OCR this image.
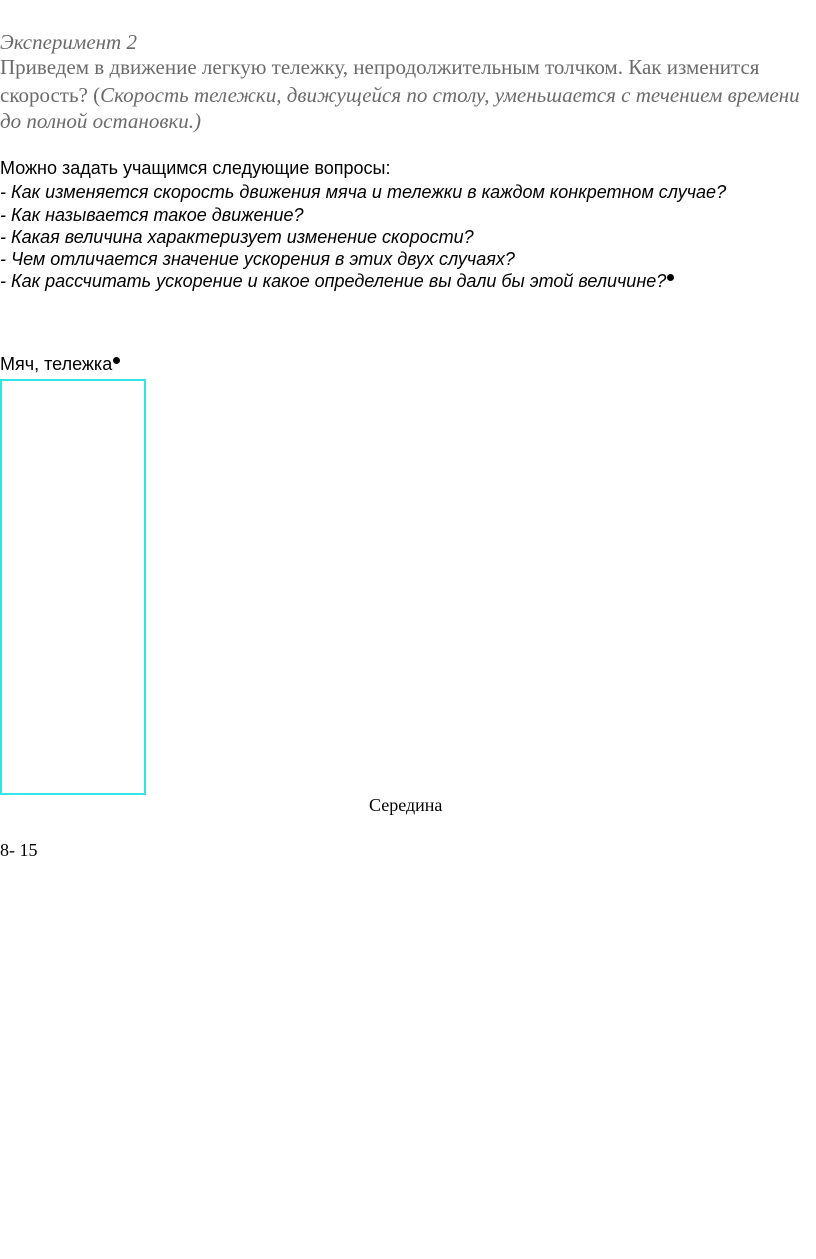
Эксперимент 2
Приведем в движение легкую тележку, непродолжительным толчком. Как изменится
скорость? (Скорость тележки, движущейся по столу, уменьшается с течением времени
до полной остановки.)
Можно задать учащимся следующие вопросы:
- Как изменяется скорость движения мяча и тележки в каждом конкретном случае?
- Как называется такое движение?
- Какая величина характеризует изменение скорости?
- Чем отличается значение ускорения в этих двух случаях?
- Как рассчитать ускорение и какое определение вы дали бы этой величине?
Мяч, тележка
Середина
8- 15
